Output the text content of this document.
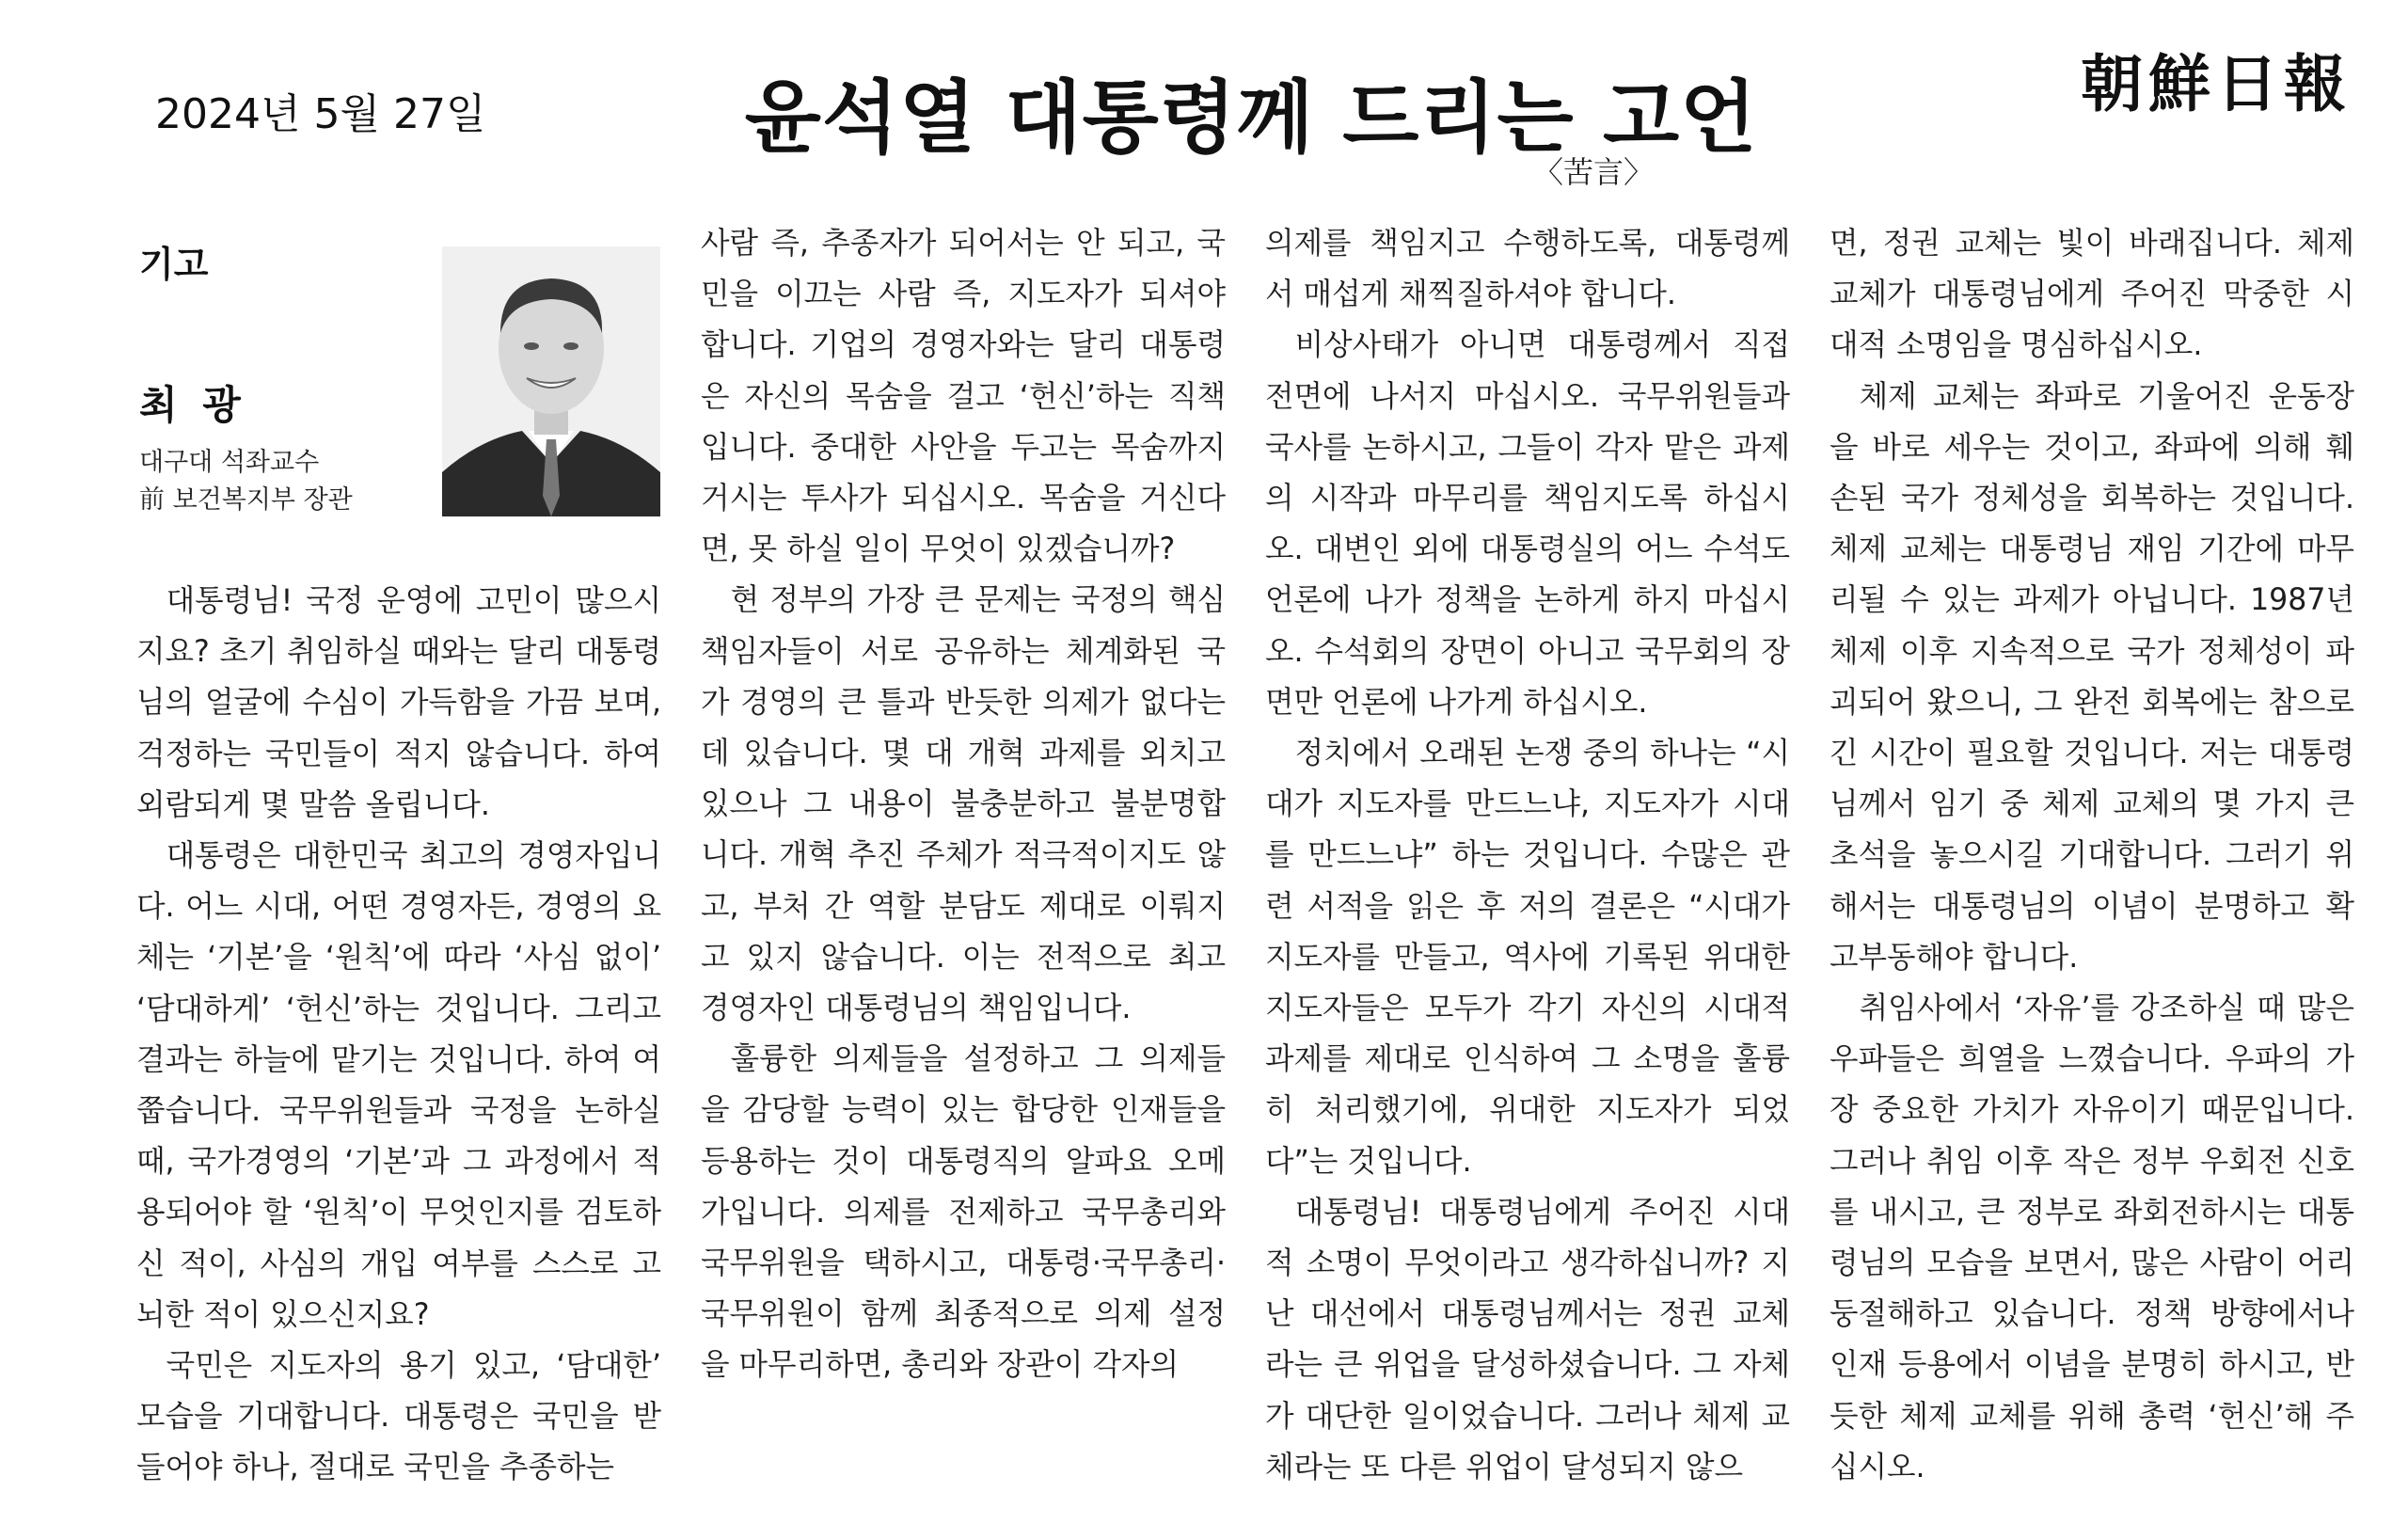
2024년 5월 27일	윤석열 대통령께 드리는 고언
〈苦言〉
朝鮮日報
기고
최 광
대구대 석좌교수
前 보건복지부 장관

대통령님! 국정 운영에 고민이 많으시지요? 초기 취임하실 때와는 달리 대통령님의 얼굴에 수심이 가득함을 가끔 보며, 걱정하는 국민들이 적지 않습니다. 하여 외람되게 몇 말씀 올립니다.

대통령은 대한민국 최고의 경영자입니다. 어느 시대, 어떤 경영자든, 경영의 요체는 ‘기본’을 ‘원칙’에 따라 ‘사심 없이’ ‘담대하게’ ‘헌신’하는 것입니다. 그리고 결과는 하늘에 맡기는 것입니다. 하여 여쭙습니다. 국무위원들과 국정을 논하실 때, 국가경영의 ‘기본’과 그 과정에서 적용되어야 할 ‘원칙’이 무엇인지를 검토하신 적이, 사심의 개입 여부를 스스로 고뇌한 적이 있으신지요?

국민은 지도자의 용기 있고, ‘담대한’ 모습을 기대합니다. 대통령은 국민을 받들어야 하나, 절대로 국민을 추종하는

사람 즉, 추종자가 되어서는 안 되고, 국민을 이끄는 사람 즉, 지도자가 되셔야 합니다. 기업의 경영자와는 달리 대통령은 자신의 목숨을 걸고 ‘헌신’하는 직책입니다. 중대한 사안을 두고는 목숨까지 거시는 투사가 되십시오. 목숨을 거신다면, 못 하실 일이 무엇이 있겠습니까?

현 정부의 가장 큰 문제는 국정의 핵심 책임자들이 서로 공유하는 체계화된 국가 경영의 큰 틀과 반듯한 의제가 없다는 데 있습니다. 몇 대 개혁 과제를 외치고 있으나 그 내용이 불충분하고 불분명합니다. 개혁 추진 주체가 적극적이지도 않고, 부처 간 역할 분담도 제대로 이뤄지고 있지 않습니다. 이는 전적으로 최고 경영자인 대통령님의 책임입니다.

훌륭한 의제들을 설정하고 그 의제들을 감당할 능력이 있는 합당한 인재들을 등용하는 것이 대통령직의 알파요 오메가입니다. 의제를 전제하고 국무총리와 국무위원을 택하시고, 대통령·국무총리·국무위원이 함께 최종적으로 의제 설정을 마무리하면, 총리와 장관이 각자의

의제를 책임지고 수행하도록, 대통령께서 매섭게 채찍질하셔야 합니다.

비상사태가 아니면 대통령께서 직접 전면에 나서지 마십시오. 국무위원들과 국사를 논하시고, 그들이 각자 맡은 과제의 시작과 마무리를 책임지도록 하십시오. 대변인 외에 대통령실의 어느 수석도 언론에 나가 정책을 논하게 하지 마십시오. 수석회의 장면이 아니고 국무회의 장면만 언론에 나가게 하십시오.

정치에서 오래된 논쟁 중의 하나는 “시대가 지도자를 만드느냐, 지도자가 시대를 만드느냐” 하는 것입니다. 수많은 관련 서적을 읽은 후 저의 결론은 “시대가 지도자를 만들고, 역사에 기록된 위대한 지도자들은 모두가 각기 자신의 시대적 과제를 제대로 인식하여 그 소명을 훌륭히 처리했기에, 위대한 지도자가 되었다”는 것입니다.

대통령님! 대통령님에게 주어진 시대적 소명이 무엇이라고 생각하십니까? 지난 대선에서 대통령님께서는 정권 교체라는 큰 위업을 달성하셨습니다. 그 자체가 대단한 일이었습니다. 그러나 체제 교체라는 또 다른 위업이 달성되지 않으

면, 정권 교체는 빛이 바래집니다. 체제 교체가 대통령님에게 주어진 막중한 시대적 소명임을 명심하십시오.

체제 교체는 좌파로 기울어진 운동장을 바로 세우는 것이고, 좌파에 의해 훼손된 국가 정체성을 회복하는 것입니다. 체제 교체는 대통령님 재임 기간에 마무리될 수 있는 과제가 아닙니다. 1987년 체제 이후 지속적으로 국가 정체성이 파괴되어 왔으니, 그 완전 회복에는 참으로 긴 시간이 필요할 것입니다. 저는 대통령님께서 임기 중 체제 교체의 몇 가지 큰 초석을 놓으시길 기대합니다. 그러기 위해서는 대통령님의 이념이 분명하고 확고부동해야 합니다.

취임사에서 ‘자유’를 강조하실 때 많은 우파들은 희열을 느꼈습니다. 우파의 가장 중요한 가치가 자유이기 때문입니다. 그러나 취임 이후 작은 정부 우회전 신호를 내시고, 큰 정부로 좌회전하시는 대통령님의 모습을 보면서, 많은 사람이 어리둥절해하고 있습니다. 정책 방향에서나 인재 등용에서 이념을 분명히 하시고, 반듯한 체제 교체를 위해 총력 ‘헌신’해 주십시오.
